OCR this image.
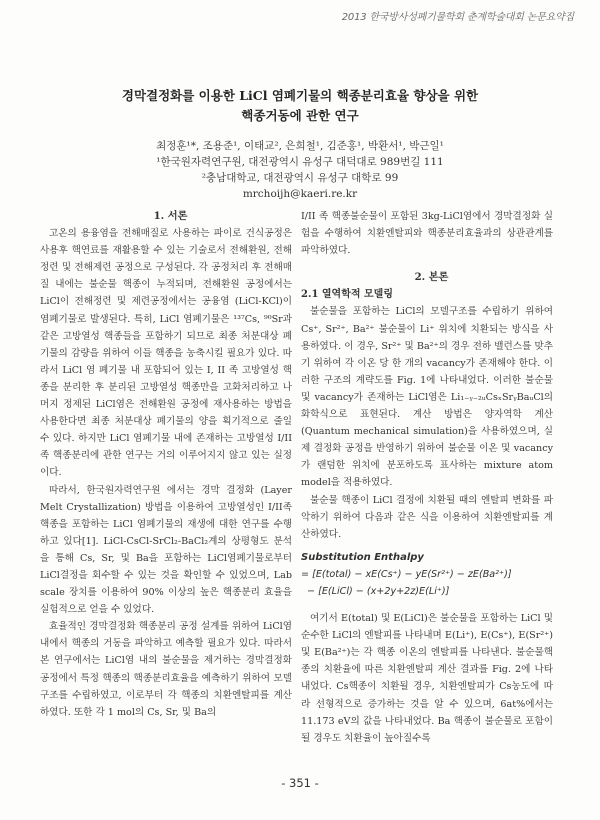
2013 한국방사성폐기물학회 춘계학술대회 논문요약집
경막결정화를 이용한 LiCl 염폐기물의 핵종분리효율 향상을 위한
핵종거동에 관한 연구
최정훈¹*, 조용준¹, 이태교², 은희철¹, 김준홍¹, 박환서¹, 박근일¹
¹한국원자력연구원, 대전광역시 유성구 대덕대로 989번길 111
²충남대학교, 대전광역시 유성구 대학로 99
mrchoijh@kaeri.re.kr

1. 서론

고온의 용융염을 전해매질로 사용하는 파이로 건식공정은 사용후 핵연료를 재활용할 수 있는 기술로서 전해환원, 전해정련 및 전해제련 공정으로 구성된다. 각 공정처리 후 전해매질 내에는 불순물 핵종이 누적되며, 전해환원 공정에서는 LiCl이 전해정련 및 제련공정에서는 공융염 (LiCl-KCl)이 염폐기물로 발생된다. 특히, LiCl 염폐기물은 ¹³⁷Cs, ⁹⁰Sr과 같은 고방열성 핵종들을 포함하기 되므로 최종 처분대상 폐기물의 감량을 위하여 이들 핵종을 농축시킬 필요가 있다. 따라서 LiCl 염 폐기물 내 포함되어 있는 I, II 족 고방열성 핵종을 분리한 후 분리된 고방열성 핵종만을 고화처리하고 나머지 정제된 LiCl염은 전해환원 공정에 재사용하는 방법을 사용한다면 최종 처분대상 폐기물의 양을 획기적으로 줄일 수 있다. 하지만 LiCl 염폐기물 내에 존재하는 고방열성 I/II족 핵종분리에 관한 연구는 거의 이루어지지 않고 있는 실정이다.

따라서, 한국원자력연구원 에서는 경막 결정화 (Layer Melt Crystallization) 방법을 이용하여 고방열성인 I/II족 핵종을 포함하는 LiCl 염폐기물의 재생에 대한 연구를 수행하고 있다[1]. LiCl-CsCl-SrCl₂-BaCl₂계의 상평형도 분석을 통해 Cs, Sr, 및 Ba을 포함하는 LiCl염폐기물로부터 LiCl결정을 회수할 수 있는 것을 확인할 수 있었으며, Lab scale 장치를 이용하여 90% 이상의 높은 핵종분리 효율을 실험적으로 얻을 수 있었다.

효율적인 경막결정화 핵종분리 공정 설계를 위하여 LiCl염 내에서 핵종의 거동을 파악하고 예측할 필요가 있다. 따라서 본 연구에서는 LiCl염 내의 불순물을 제거하는 경막결정화 공정에서 특정 핵종의 핵종분리효율을 예측하기 위하여 모델 구조를 수립하였고, 이로부터 각 핵종의 치환엔탈피를 계산하였다. 또한 각 1 mol의 Cs, Sr, 및 Ba의

I/II 족 핵종불순물이 포함된 3kg-LiCl염에서 경막결정화 실험을 수행하여 치환엔탈피와 핵종분리효율과의 상관관계를 파악하였다.

2. 본론

2.1 열역학적 모델링

불순물을 포함하는 LiCl의 모델구조를 수립하기 위하여 Cs⁺, Sr²⁺, Ba²⁺ 불순물이 Li⁺ 위치에 치환되는 방식을 사용하였다. 이 경우, Sr²⁺ 및 Ba²⁺의 경우 전하 밸런스를 맞추기 위하여 각 이온 당 한 개의 vacancy가 존재해야 한다. 이러한 구조의 계략도를 Fig. 1에 나타내었다. 이러한 불순물 및 vacancy가 존재하는 LiCl염은 Li₁₋ᵧ₋₂ᵤCsₓSrᵧBaᵤCl의 화학식으로 표현된다. 계산 방법은 양자역학 계산 (Quantum mechanical simulation)을 사용하였으며, 실제 결정화 공정을 반영하기 위하여 불순물 이온 및 vacancy가 랜덤한 위치에 분포하도록 표사하는 mixture atom model을 적용하였다.

불순물 핵종이 LiCl 결정에 치환될 때의 엔탈피 변화를 파악하기 위하여 다음과 같은 식을 이용하여 치환엔탈피를 계산하였다.

Substitution Enthalpy

= [E(total) − xE(Cs⁺) − yE(Sr²⁺) − zE(Ba²⁺)]

− [E(LiCl) − (x+2y+2z)E(Li⁺)]

여기서 E(total) 및 E(LiCl)은 불순물을 포함하는 LiCl 및 순수한 LiCl의 엔탈피를 나타내며 E(Li⁺), E(Cs⁺), E(Sr²⁺) 및 E(Ba²⁺)는 각 핵종 이온의 엔탈피를 나타낸다. 불순물핵종의 치환율에 따른 치환엔탈피 계산 결과를 Fig. 2에 나타내었다. Cs핵종이 치환될 경우, 치환엔탈피가 Cs농도에 따라 선형적으로 증가하는 것을 알 수 있으며, 6at%에서는 11.173 eV의 값을 나타내었다. Ba 핵종이 불순물로 포함이 될 경우도 치환율이 높아질수록

- 351 -
